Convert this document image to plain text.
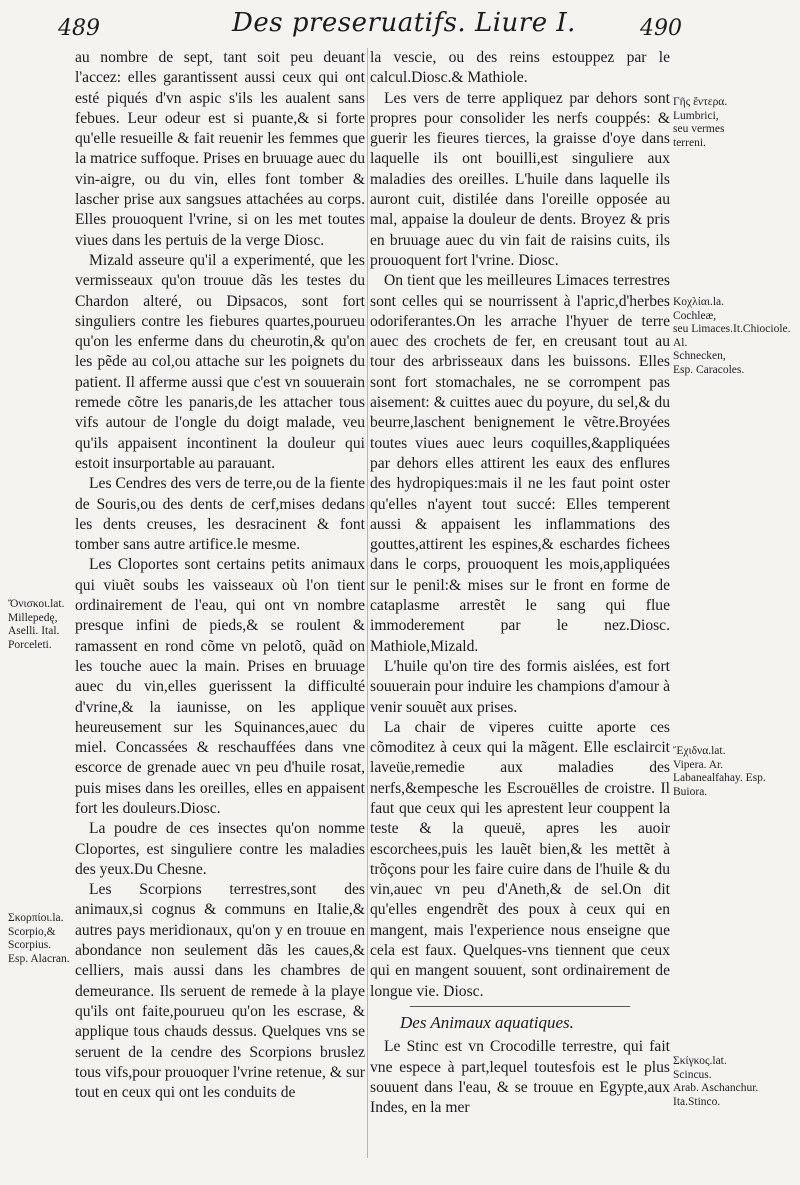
489	Des preseruatifs. Liure I.	490

au nombre de sept, tant soit peu deuant l'accez: elles garantissent aussi ceux qui ont esté piqués d'vn aspic s'ils les aualent sans febues. Leur odeur est si puante,& si forte qu'elle resueille & fait reuenir les femmes que la matrice suffoque. Prises en bruuage auec du vin-aigre, ou du vin, elles font tomber & lascher prise aux sangsues attachées au corps. Elles prouoquent l'vrine, si on les met toutes viues dans les pertuis de la verge Diosc.

Mizald asseure qu'il a experimenté, que les vermisseaux qu'on trouue dãs les testes du Chardon alteré, ou Dipsacos, sont fort singuliers contre les fiebures quartes,pourueu qu'on les enferme dans du cheurotin,& qu'on les pẽde au col,ou attache sur les poignets du patient. Il afferme aussi que c'est vn souuerain remede cõtre les panaris,de les attacher tous vifs autour de l'ongle du doigt malade, veu qu'ils appaisent incontinent la douleur qui estoit insurportable au parauant.

Les Cendres des vers de terre,ou de la fiente de Souris,ou des dents de cerf,mises dedans les dents creuses, les desracinent & font tomber sans autre artifice.le mesme.

Les Cloportes sont certains petits animaux qui viuẽt soubs les vaisseaux où l'on tient ordinairement de l'eau, qui ont vn nombre presque infini de pieds,& se roulent & ramassent en rond cõme vn pelotõ, quãd on les touche auec la main. Prises en bruuage auec du vin,elles guerissent la difficulté d'vrine,& la iaunisse, on les applique heureusement sur les Squinances,auec du miel. Concassées & reschauffées dans vne escorce de grenade auec vn peu d'huile rosat, puis mises dans les oreilles, elles en appaisent fort les douleurs.Diosc.

La poudre de ces insectes qu'on nomme Cloportes, est singuliere contre les maladies des yeux.Du Chesne.

Les Scorpions terrestres,sont des animaux,si cognus & communs en Italie,& autres pays meridionaux, qu'on y en trouue en abondance non seulement dãs les caues,& celliers, mais aussi dans les chambres de demeurance. Ils seruent de remede à la playe qu'ils ont faite,pourueu qu'on les escrase, & applique tous chauds dessus. Quelques vns se seruent de la cendre des Scorpions bruslez tous vifs,pour prouoquer l'vrine retenue, & sur tout en ceux qui ont les conduits de

la vescie, ou des reins estouppez par le calcul.Diosc.& Mathiole.

Les vers de terre appliquez par dehors sont propres pour consolider les nerfs couppés: & guerir les fieures tierces, la graisse d'oye dans laquelle ils ont bouilli,est singuliere aux maladies des oreilles. L'huile dans laquelle ils auront cuit, distilée dans l'oreille opposée au mal, appaise la douleur de dents. Broyez & pris en bruuage auec du vin fait de raisins cuits, ils prouoquent fort l'vrine. Diosc.

On tient que les meilleures Limaces terrestres sont celles qui se nourrissent à l'apric,d'herbes odoriferantes.On les arrache l'hyuer de terre auec des crochets de fer, en creusant tout au tour des arbrisseaux dans les buissons. Elles sont fort stomachales, ne se corrompent pas aisement: & cuittes auec du poyure, du sel,& du beurre,laschent benignement le vẽtre.Broyées toutes viues auec leurs coquilles,&appliquées par dehors elles attirent les eaux des enflures des hydropiques:mais il ne les faut point oster qu'elles n'ayent tout succé: Elles temperent aussi & appaisent les inflammations des gouttes,attirent les espines,& eschardes fichees dans le corps, prouoquent les mois,appliquées sur le penil:& mises sur le front en forme de cataplasme arrestẽt le sang qui flue immoderement par le nez.Diosc. Mathiole,Mizald.

L'huile qu'on tire des formis aislées, est fort souuerain pour induire les champions d'amour à venir souuẽt aux prises.

La chair de viperes cuitte aporte ces cõmoditez à ceux qui la mãgent. Elle esclaircit laveüe,remedie aux maladies des nerfs,&empesche les Escrouëlles de croistre. Il faut que ceux qui les aprestent leur couppent la teste & la queuë, apres les auoir escorchees,puis les lauẽt bien,& les mettẽt à trõçons pour les faire cuire dans de l'huile & du vin,auec vn peu d'Aneth,& de sel.On dit qu'elles engendrẽt des poux à ceux qui en mangent, mais l'experience nous enseigne que cela est faux. Quelques-vns tiennent que ceux qui en mangent souuent, sont ordinairement de longue vie. Diosc.

Des Animaux aquatiques.

Le Stinc est vn Crocodille terrestre, qui fait vne espece à part,lequel toutesfois est le plus souuent dans l'eau, & se trouue en Egypte,aux Indes, en la mer

Ὄνισκοι.lat.
Millepedę,
Aselli. Ital.
Porceleti.
Σκορπίοι.la.
Scorpio,&
Scorpius.
Esp. Alacran.
Γῆς ἔντερα.
Lumbrici,
seu vermes
terreni.
Κοχλίαι.la.
Cochleæ,
seu Limaces.It.Chiociole. Al.
Schnecken,
Esp. Caracoles.
Ἔχιδνα.lat.
Vipera. Ar.
Labanealfahay. Esp.
Buiora.
Σκίγκος.lat.
Scincus.
Arab. Aschanchur.
Ita.Stinco.
